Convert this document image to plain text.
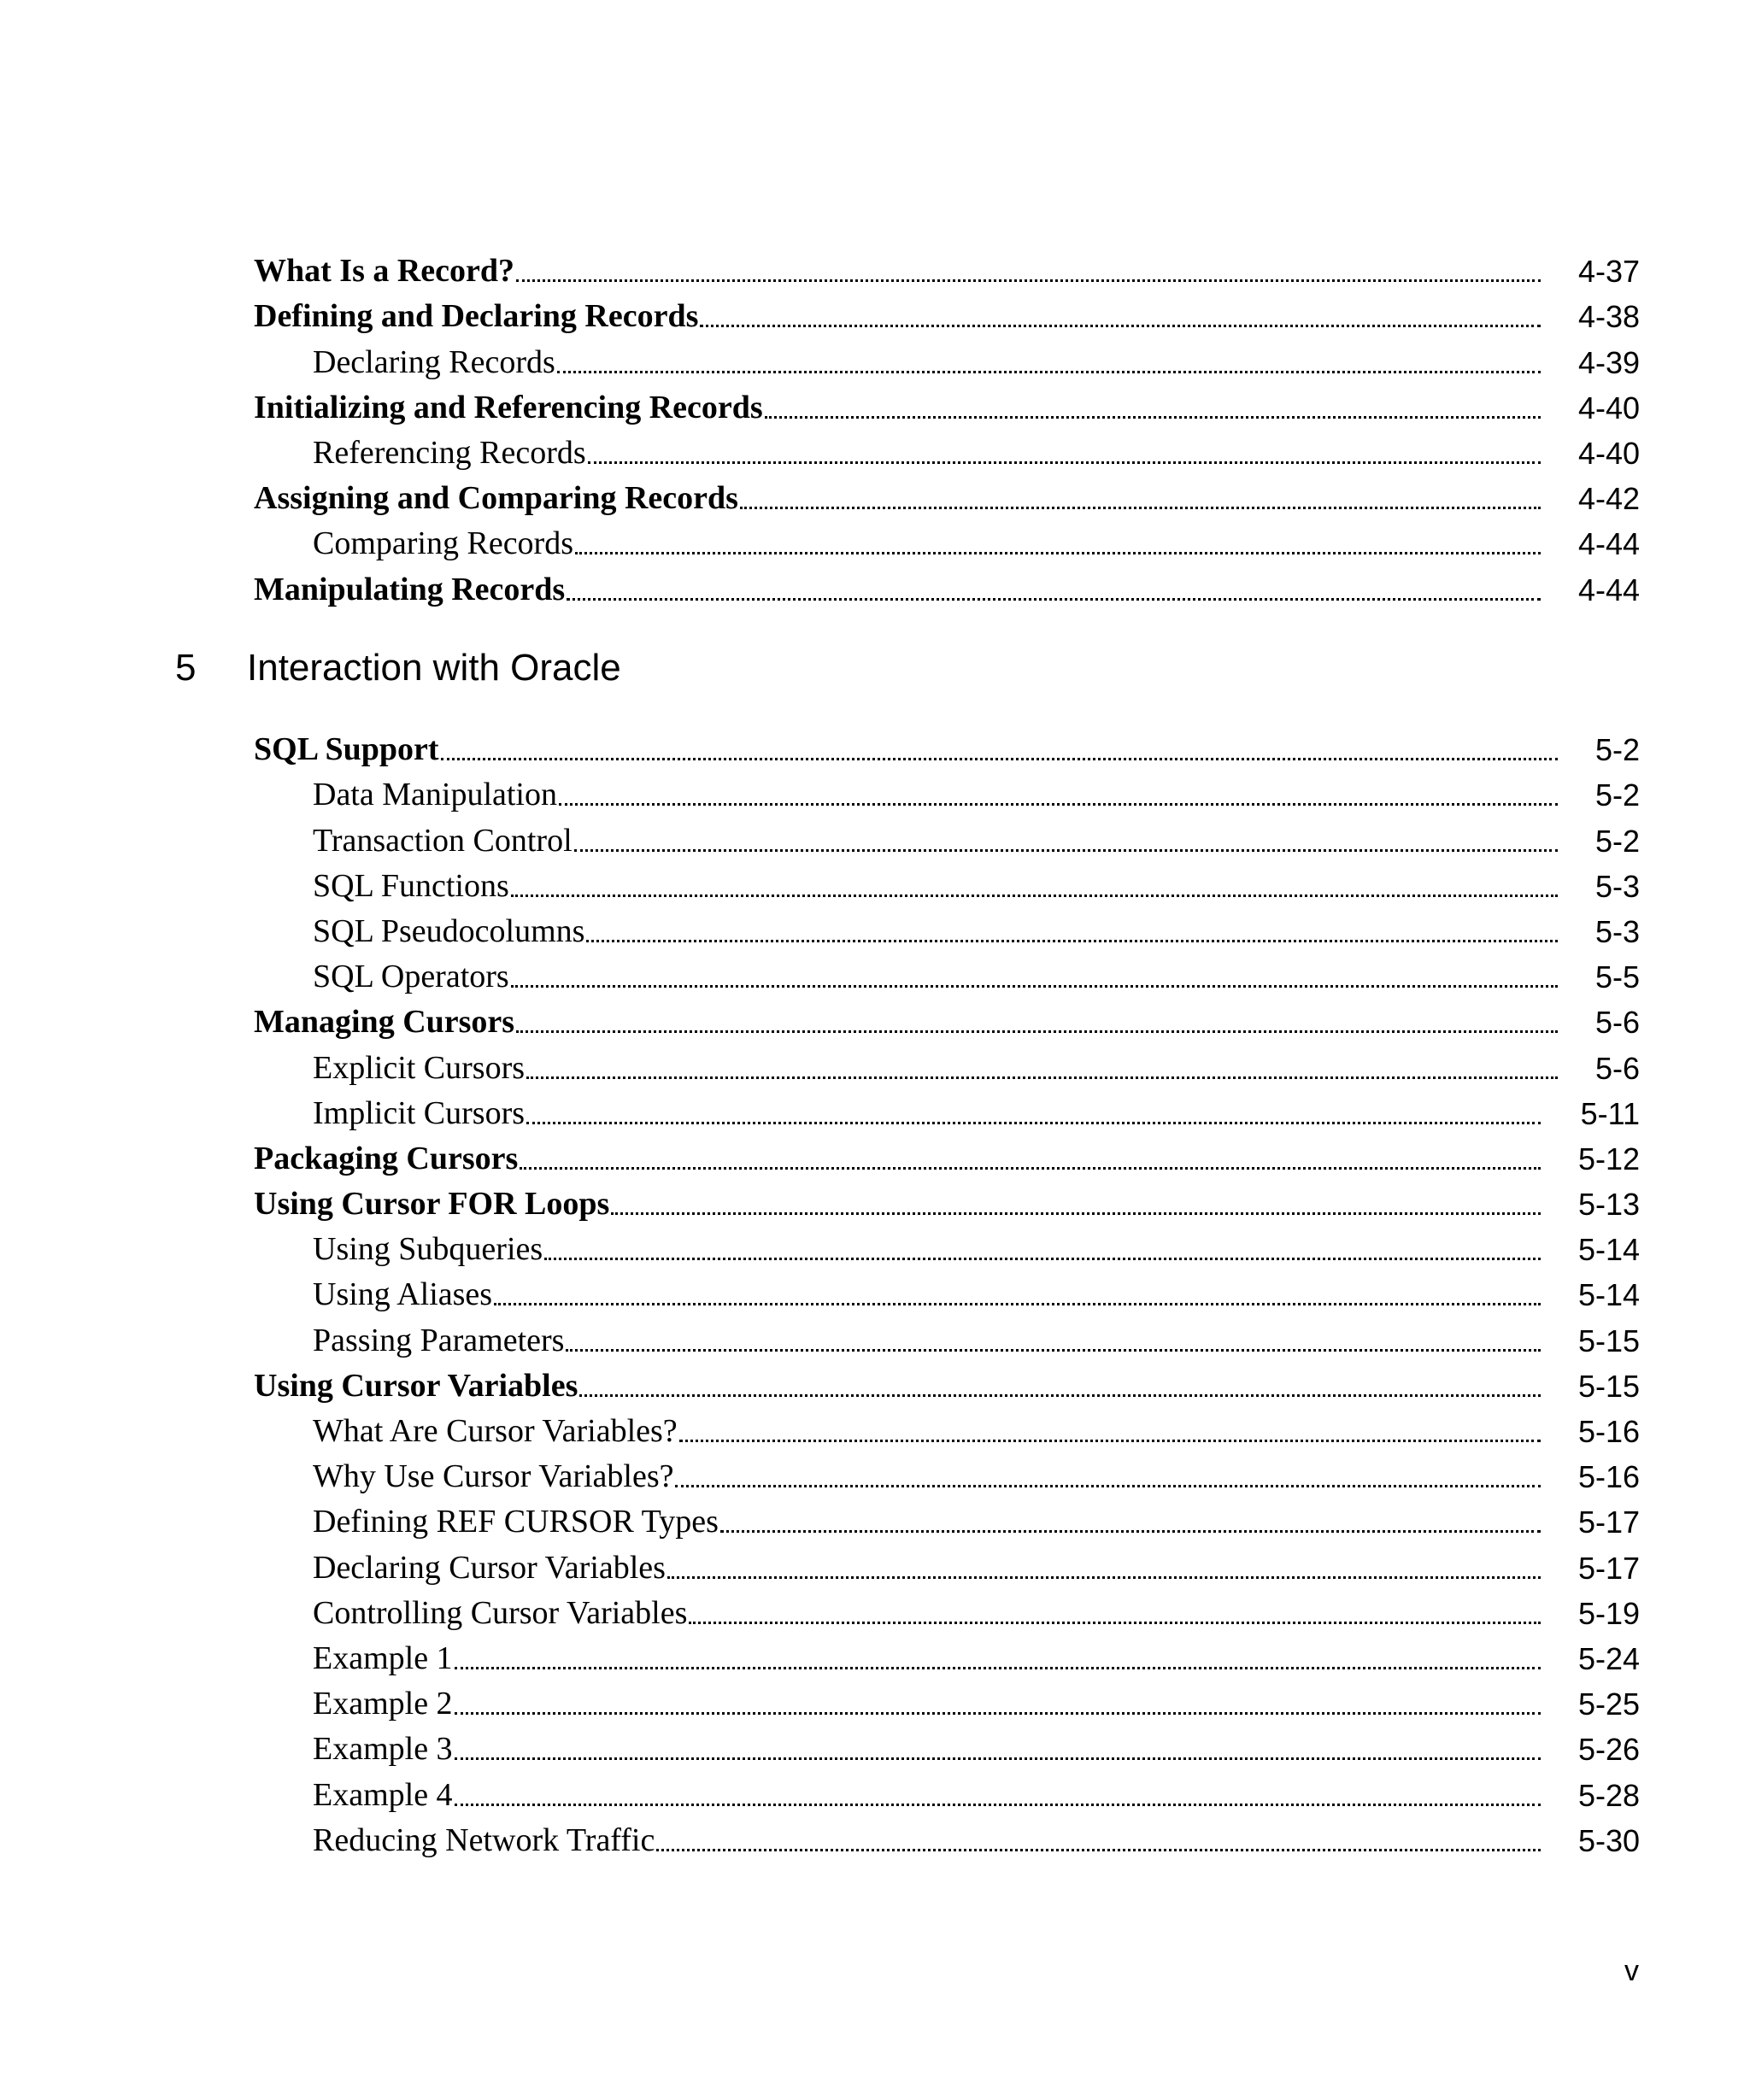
What Is a Record?	4-37
Defining and Declaring Records	4-38
Declaring Records	4-39
Initializing and Referencing Records	4-40
Referencing Records	4-40
Assigning and Comparing Records	4-42
Comparing Records	4-44
Manipulating Records	4-44
5	Interaction with Oracle
SQL Support	5-2
Data Manipulation	5-2
Transaction Control	5-2
SQL Functions	5-3
SQL Pseudocolumns	5-3
SQL Operators	5-5
Managing Cursors	5-6
Explicit Cursors	5-6
Implicit Cursors	5-11
Packaging Cursors	5-12
Using Cursor FOR Loops	5-13
Using Subqueries	5-14
Using Aliases	5-14
Passing Parameters	5-15
Using Cursor Variables	5-15
What Are Cursor Variables?	5-16
Why Use Cursor Variables?	5-16
Defining REF CURSOR Types	5-17
Declaring Cursor Variables	5-17
Controlling Cursor Variables	5-19
Example 1	5-24
Example 2	5-25
Example 3	5-26
Example 4	5-28
Reducing Network Traffic	5-30
v
